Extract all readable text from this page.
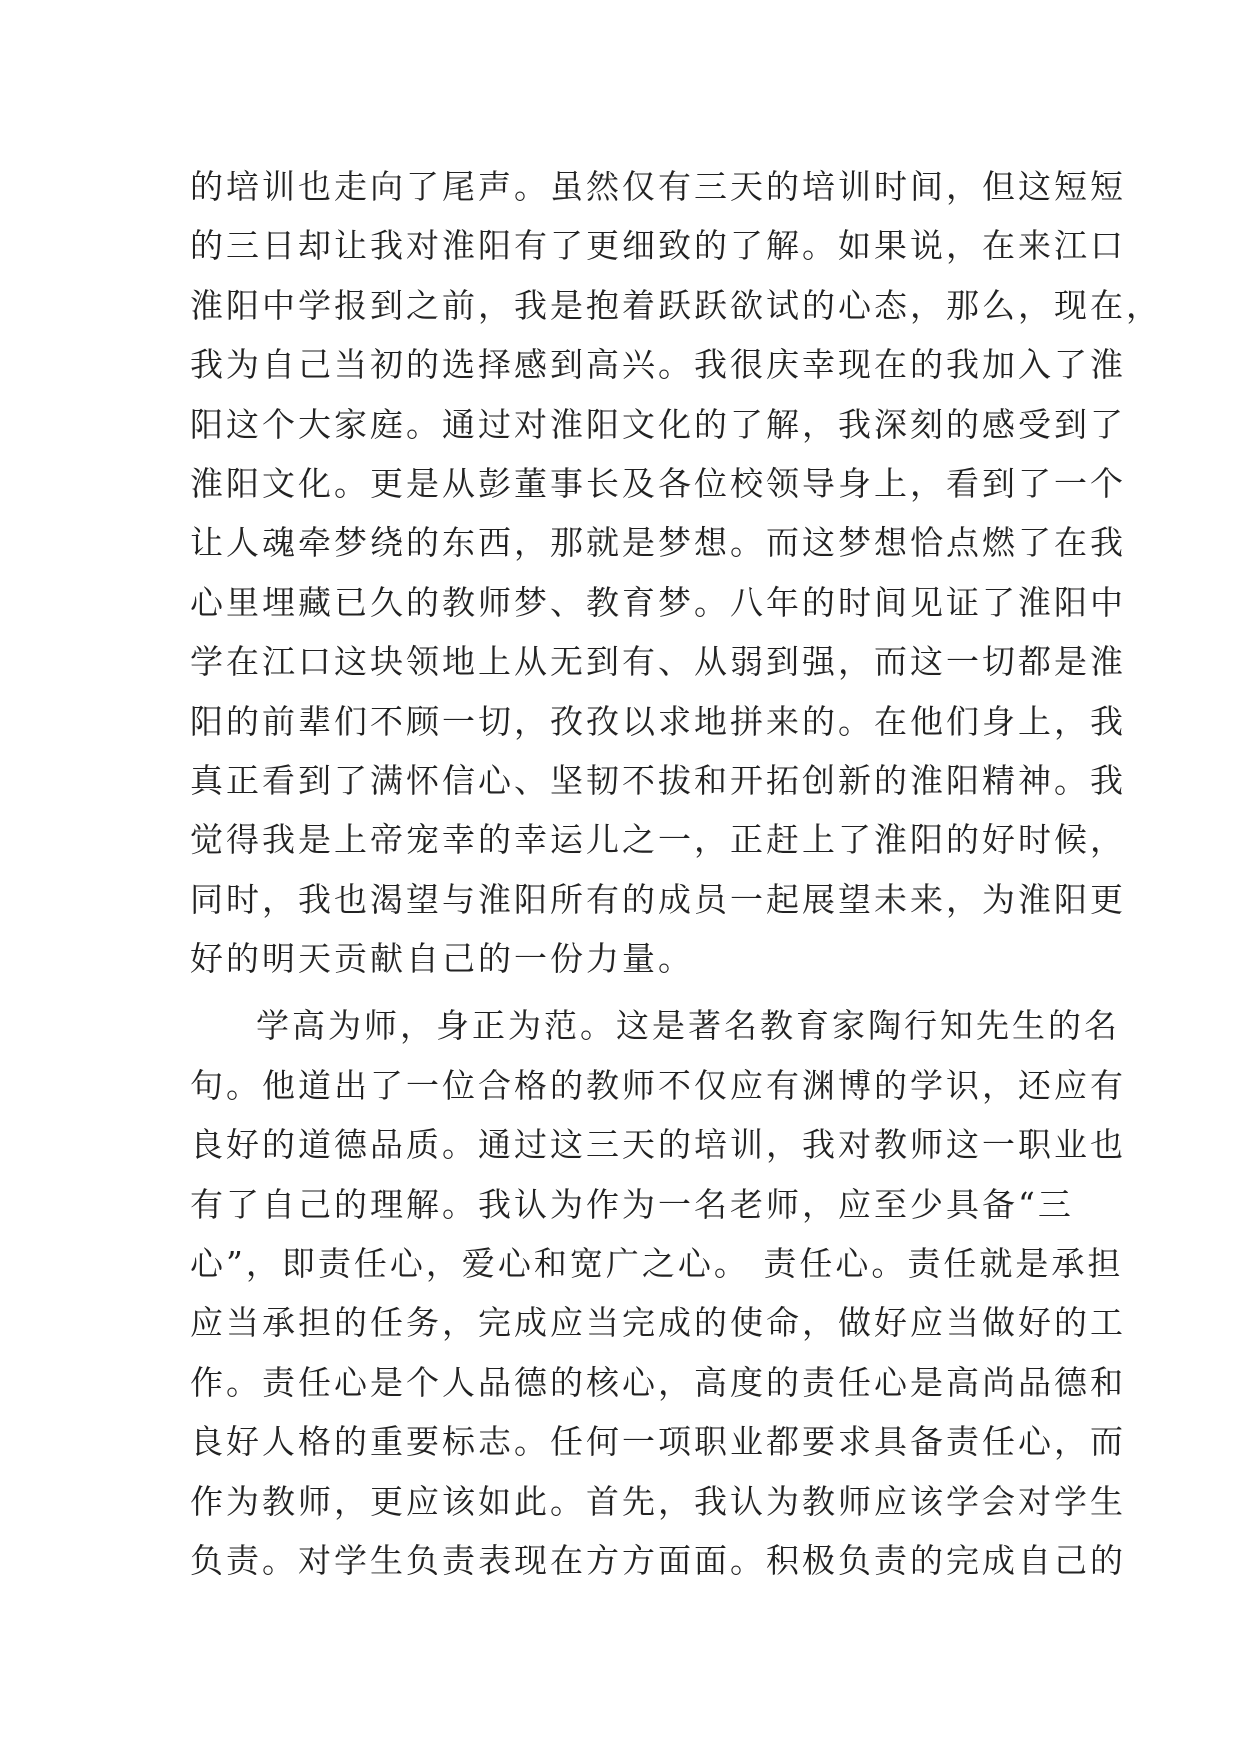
的培训也走向了尾声。虽然仅有三天的培训时间，但这短短
的三日却让我对淮阳有了更细致的了解。如果说，在来江口
淮阳中学报到之前，我是抱着跃跃欲试的心态，那么，现在，
我为自己当初的选择感到高兴。我很庆幸现在的我加入了淮
阳这个大家庭。通过对淮阳文化的了解，我深刻的感受到了
淮阳文化。更是从彭董事长及各位校领导身上，看到了一个
让人魂牵梦绕的东西，那就是梦想。而这梦想恰点燃了在我
心里埋藏已久的教师梦、教育梦。八年的时间见证了淮阳中
学在江口这块领地上从无到有、从弱到强，而这一切都是淮
阳的前辈们不顾一切，孜孜以求地拼来的。在他们身上，我
真正看到了满怀信心、坚韧不拔和开拓创新的淮阳精神。我
觉得我是上帝宠幸的幸运儿之一，正赶上了淮阳的好时候，
同时，我也渴望与淮阳所有的成员一起展望未来，为淮阳更
好的明天贡献自己的一份力量。
学高为师，身正为范。这是著名教育家陶行知先生的名
句。他道出了一位合格的教师不仅应有渊博的学识，还应有
良好的道德品质。通过这三天的培训，我对教师这一职业也
有了自己的理解。我认为作为一名老师，应至少具备“三
心”，即责任心，爱心和宽广之心。 责任心。责任就是承担
应当承担的任务，完成应当完成的使命，做好应当做好的工
作。责任心是个人品德的核心，高度的责任心是高尚品德和
良好人格的重要标志。任何一项职业都要求具备责任心，而
作为教师，更应该如此。首先，我认为教师应该学会对学生
负责。对学生负责表现在方方面面。积极负责的完成自己的
